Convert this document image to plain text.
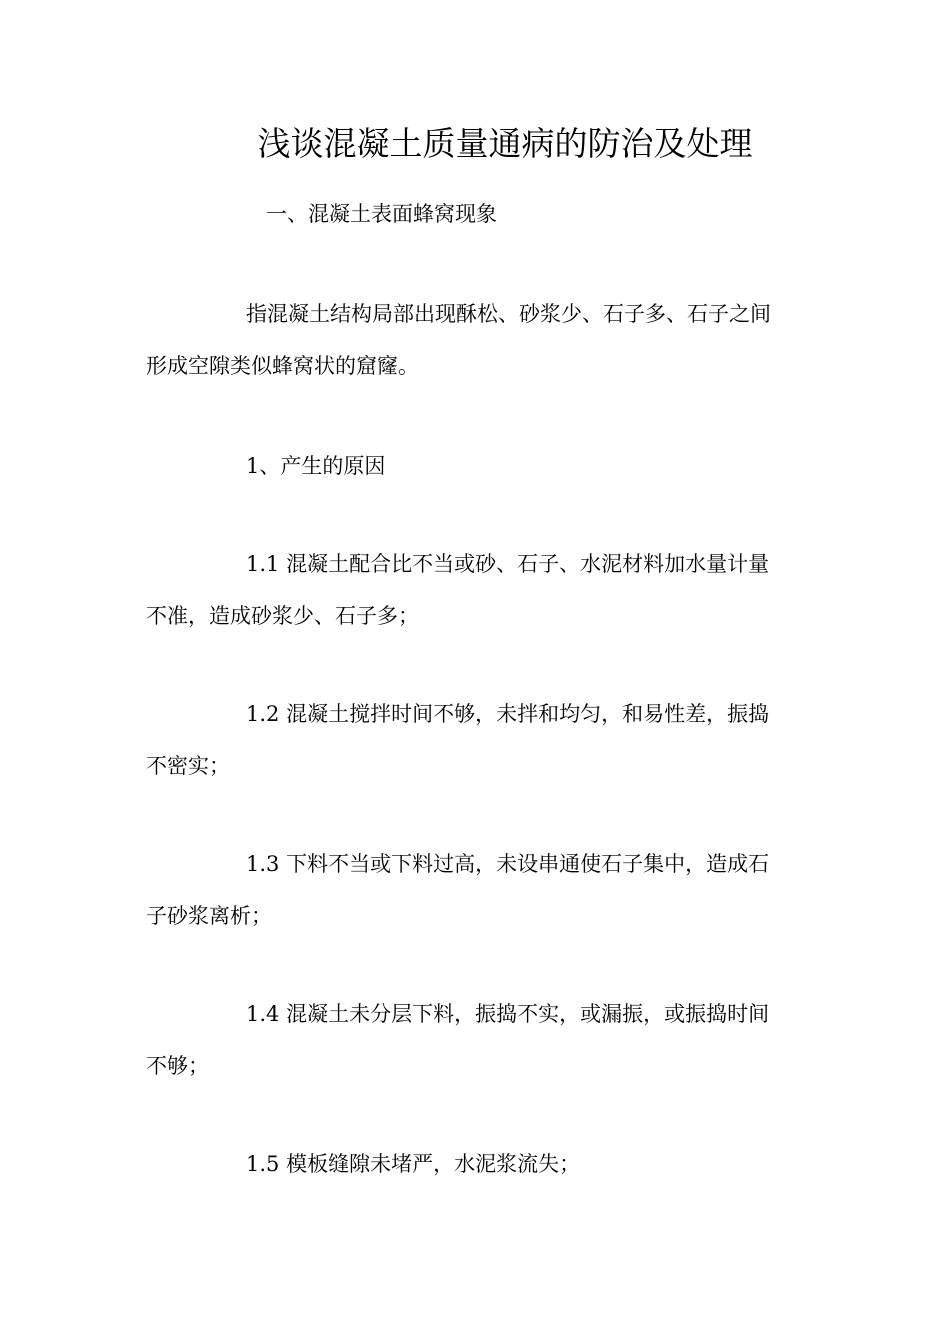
浅谈混凝土质量通病的防治及处理
一、混凝土表面蜂窝现象
指混凝土结构局部出现酥松、砂浆少、石子多、石子之间
形成空隙类似蜂窝状的窟窿。
1、产生的原因
1.1 混凝土配合比不当或砂、石子、水泥材料加水量计量
不准，造成砂浆少、石子多；
1.2 混凝土搅拌时间不够，未拌和均匀，和易性差，振捣
不密实；
1.3 下料不当或下料过高，未设串通使石子集中，造成石
子砂浆离析；
1.4 混凝土未分层下料，振捣不实，或漏振，或振捣时间
不够；
1.5 模板缝隙未堵严，水泥浆流失；
